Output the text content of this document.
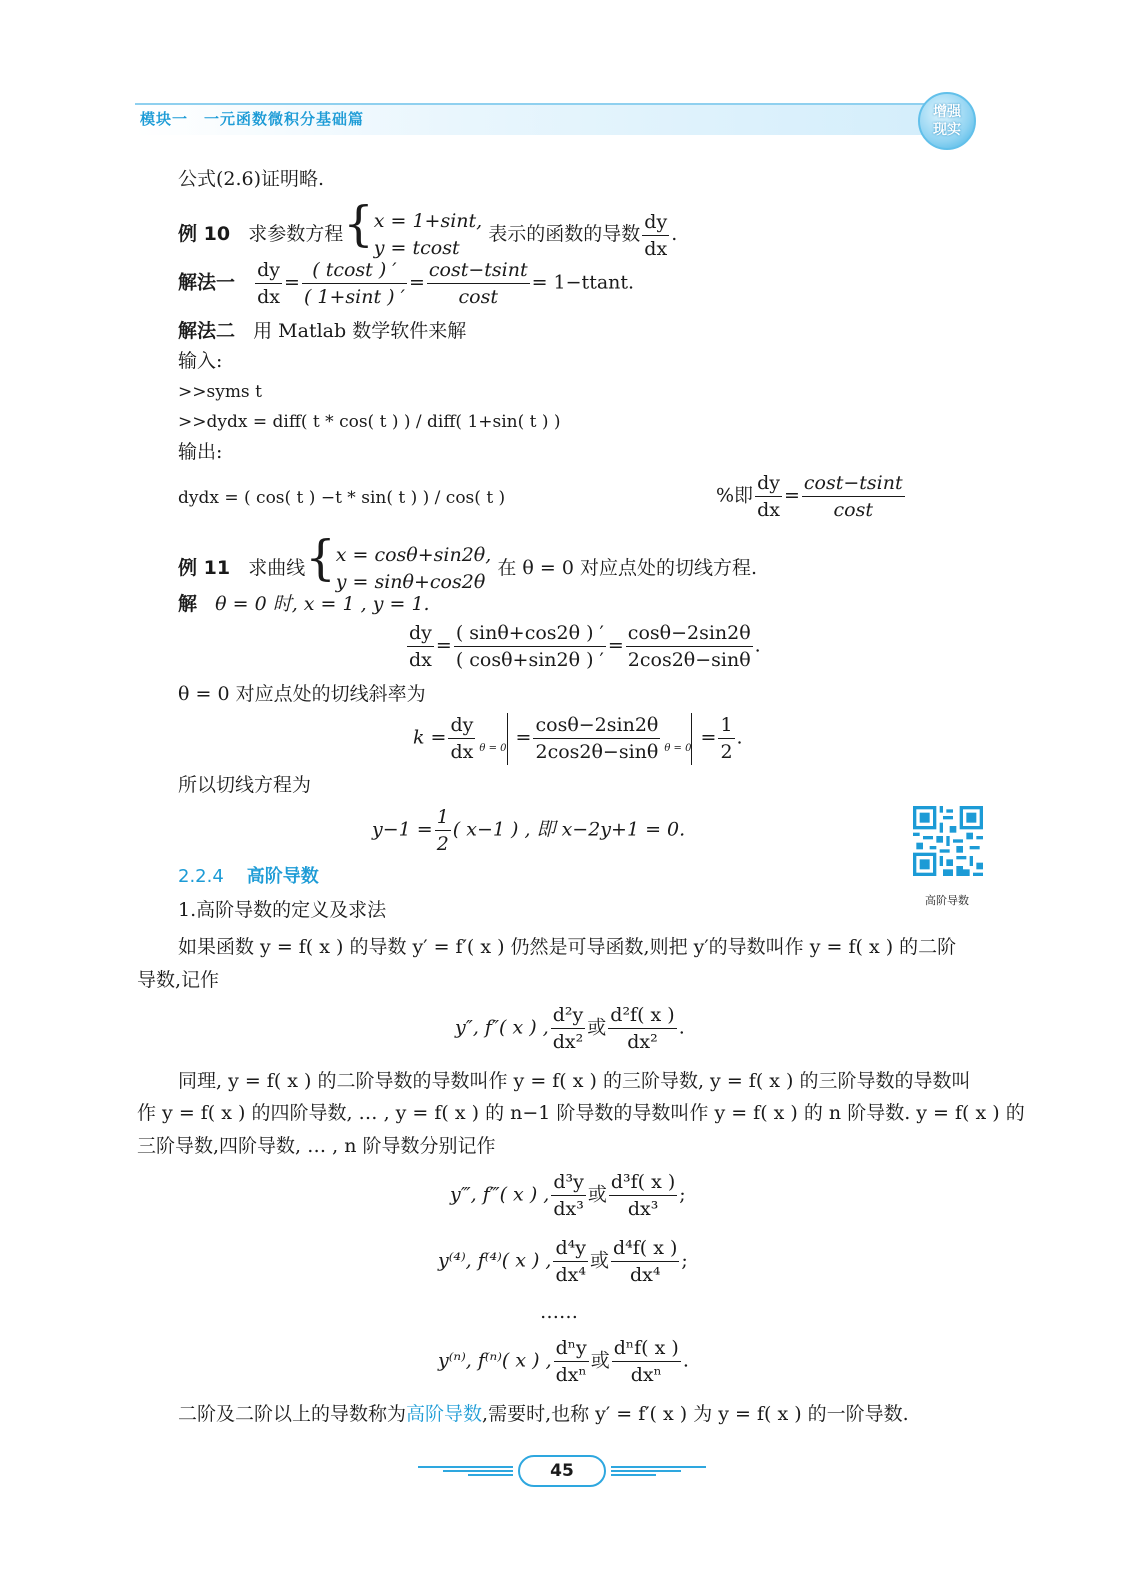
模块一　一元函数微积分基础篇	增强
现实
公式(2.6)证明略.
例 10 求参数方程{x = 1+sint,
y = tcost 表示的函数的导数 $\frac{dy}{dx}$ .
解法一 $\frac{dy}{dx} = \frac{( tcost ) '}{( 1+\sin t ) '} = \frac{\cos t-tsint}{\cos t} = 1-ttant$.
解法二 用 Matlab 数学软件来解
输入:
>>syms t
>>dydx = diff( t * cos( t ) ) / diff( 1+sin( t ) )
输出:
dydx = ( cos( t ) −t * sin( t ) ) / cos( t )	%即 $\frac{dy}{dx} = \frac{\cos t-tsint}{\cos t}$
例 11 求曲线{x = cosθ+sin2θ,
y = sinθ+cos2θ 在 θ = 0 对应点处的切线方程.
解 θ = 0 时, x = 1 , y = 1.
$\frac{dy}{dx} = \frac{( \sin\theta+\cos 2\theta ) '}{( \cos\theta+\sin 2\theta ) '} = \frac{\cos\theta-2\sin 2\theta}{2\cos 2\theta-\sin\theta}$ .
θ = 0 对应点处的切线斜率为
$k = \frac{dy}{dx} _{\theta = 0} = \frac{\cos\theta-2\sin 2\theta}{2\cos 2\theta-\sin\theta} _{\theta = 0} = \frac{1}{2}$ .
所以切线方程为
$y-1 = \frac{1}{2}$ ( x−1 ) , 即 x−2y+1 = 0.
高阶导数
2.2.4 高阶导数
1.高阶导数的定义及求法
如果函数 y = f( x ) 的导数 y′ = f′( x ) 仍然是可导函数,则把 y′的导数叫作 y = f( x ) 的二阶
导数,记作
y″, f″( x ) , $\frac{\text{d²y}}{\text{dx²}}$ 或 $\frac{\text{d²f( x )}}{\text{dx²}}$ .
同理, y = f( x ) 的二阶导数的导数叫作 y = f( x ) 的三阶导数, y = f( x ) 的三阶导数的导数叫
作 y = f( x ) 的四阶导数, … , y = f( x ) 的 n−1 阶导数的导数叫作 y = f( x ) 的 n 阶导数. y = f( x ) 的
三阶导数,四阶导数, … , n 阶导数分别记作
y‴, f‴( x ) , $\frac{\text{d³y}}{\text{dx³}}$ 或 $\frac{\text{d³f( x )}}{\text{dx³}}$ ;
y⁽⁴⁾, f⁽⁴⁾( x ) , $\frac{\text{d⁴y}}{\text{dx⁴}}$ 或 $\frac{\text{d⁴f( x )}}{\text{dx⁴}}$ ;
……
y⁽ⁿ⁾, f⁽ⁿ⁾( x ) , $\frac{\text{dⁿy}}{\text{dxⁿ}}$ 或 $\frac{\text{dⁿf( x )}}{\text{dxⁿ}}$ .
二阶及二阶以上的导数称为高阶导数,需要时,也称 y′ = f′( x ) 为 y = f( x ) 的一阶导数.
45
